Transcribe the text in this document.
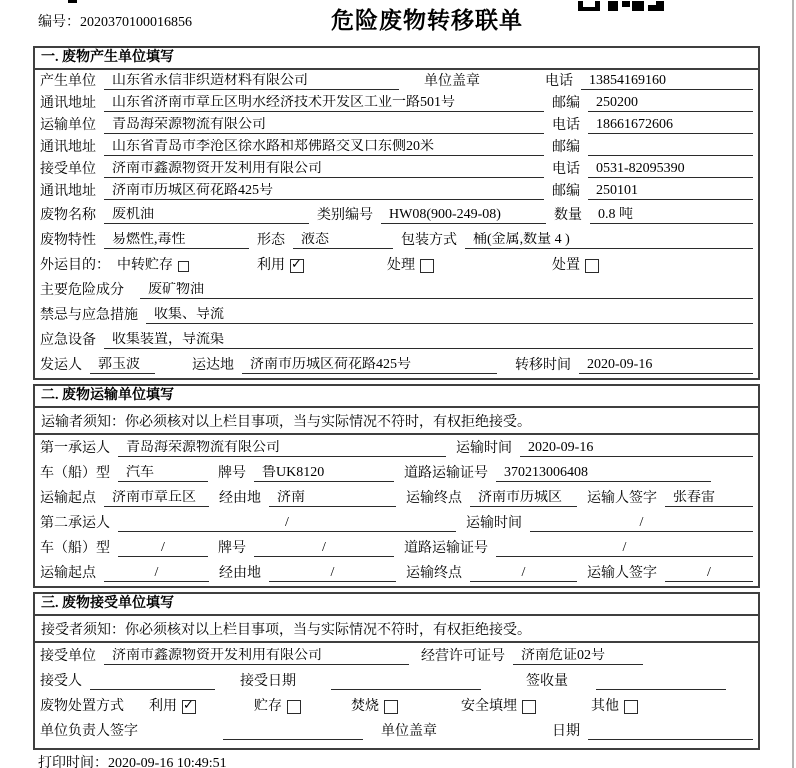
编号：2020370100016856	危险废物转移联单
一. 废物产生单位填写
产生单位	山东省永信非织造材料有限公司	单位盖章	电话	13854169160
通讯地址	山东省济南市章丘区明水经济技术开发区工业一路501号	邮编	250200
运输单位	青岛海荣源物流有限公司	电话	18661672606
通讯地址	山东省青岛市李沧区徐水路和郑佛路交叉口东侧20米	邮编
接受单位	济南市鑫源物资开发利用有限公司	电话	0531-82095390
通讯地址	济南市历城区荷花路425号	邮编	250101
废物名称	废机油	类别编号	HW08(900-249-08)	数量	0.8 吨
废物特性	易燃性,毒性	形态	液态	包装方式	桶(金属,数量 4 )
外运目的： 中转贮存	利用 ✓	处理	处置
主要危险成分	废矿物油
禁忌与应急措施	收集、导流
应急设备	收集装置，导流渠
发运人	郭玉波	运达地	济南市历城区荷花路425号	转移时间	2020-09-16
二. 废物运输单位填写
运输者须知：你必须核对以上栏目事项，当与实际情况不符时，有权拒绝接受。
第一承运人	青岛海荣源物流有限公司	运输时间	2020-09-16
车（船）型	汽车	牌号	鲁UK8120	道路运输证号	370213006408
运输起点	济南市章丘区	经由地	济南	运输终点	济南市历城区	运输人签字	张春雷
第二承运人	/	运输时间	/
车（船）型	/	牌号	/	道路运输证号	/
运输起点	/	经由地	/	运输终点	/	运输人签字	/
三. 废物接受单位填写
接受者须知：你必须核对以上栏目事项，当与实际情况不符时，有权拒绝接受。
接受单位	济南市鑫源物资开发利用有限公司	经营许可证号	济南危证02号
接受人	接受日期	签收量
废物处置方式 利用 ✓	贮存	焚烧	安全填埋	其他
单位负责人签字	单位盖章	日期
打印时间：2020-09-16 10:49:51
